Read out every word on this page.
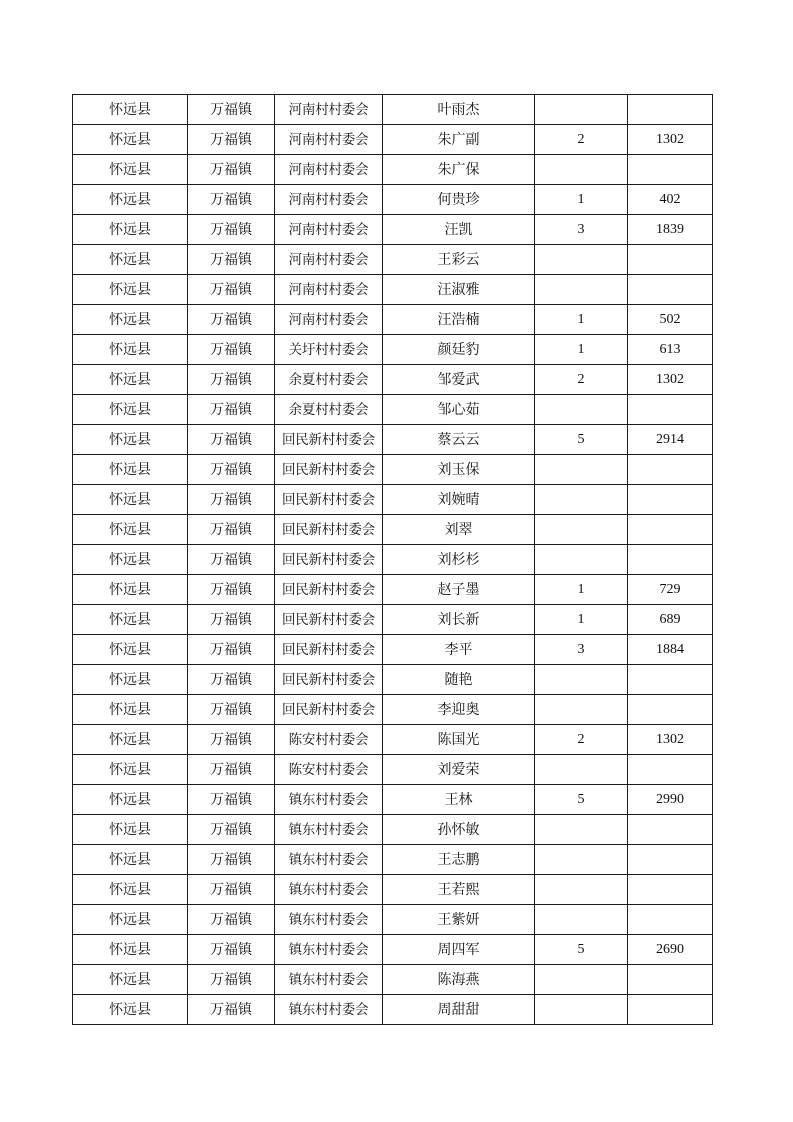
怀远县	万福镇	河南村村委会	叶雨杰		
怀远县	万福镇	河南村村委会	朱广副	2	1302
怀远县	万福镇	河南村村委会	朱广保		
怀远县	万福镇	河南村村委会	何贵珍	1	402
怀远县	万福镇	河南村村委会	汪凯	3	1839
怀远县	万福镇	河南村村委会	王彩云		
怀远县	万福镇	河南村村委会	汪淑雅		
怀远县	万福镇	河南村村委会	汪浩楠	1	502
怀远县	万福镇	关圩村村委会	颜廷豹	1	613
怀远县	万福镇	余夏村村委会	邹爱武	2	1302
怀远县	万福镇	余夏村村委会	邹心茹		
怀远县	万福镇	回民新村村委会	蔡云云	5	2914
怀远县	万福镇	回民新村村委会	刘玉保		
怀远县	万福镇	回民新村村委会	刘婉晴		
怀远县	万福镇	回民新村村委会	刘翠		
怀远县	万福镇	回民新村村委会	刘杉杉		
怀远县	万福镇	回民新村村委会	赵子墨	1	729
怀远县	万福镇	回民新村村委会	刘长新	1	689
怀远县	万福镇	回民新村村委会	李平	3	1884
怀远县	万福镇	回民新村村委会	随艳		
怀远县	万福镇	回民新村村委会	李迎奥		
怀远县	万福镇	陈安村村委会	陈国光	2	1302
怀远县	万福镇	陈安村村委会	刘爱荣		
怀远县	万福镇	镇东村村委会	王林	5	2990
怀远县	万福镇	镇东村村委会	孙怀敏		
怀远县	万福镇	镇东村村委会	王志鹏		
怀远县	万福镇	镇东村村委会	王若熙		
怀远县	万福镇	镇东村村委会	王紫妍		
怀远县	万福镇	镇东村村委会	周四军	5	2690
怀远县	万福镇	镇东村村委会	陈海燕		
怀远县	万福镇	镇东村村委会	周甜甜		
